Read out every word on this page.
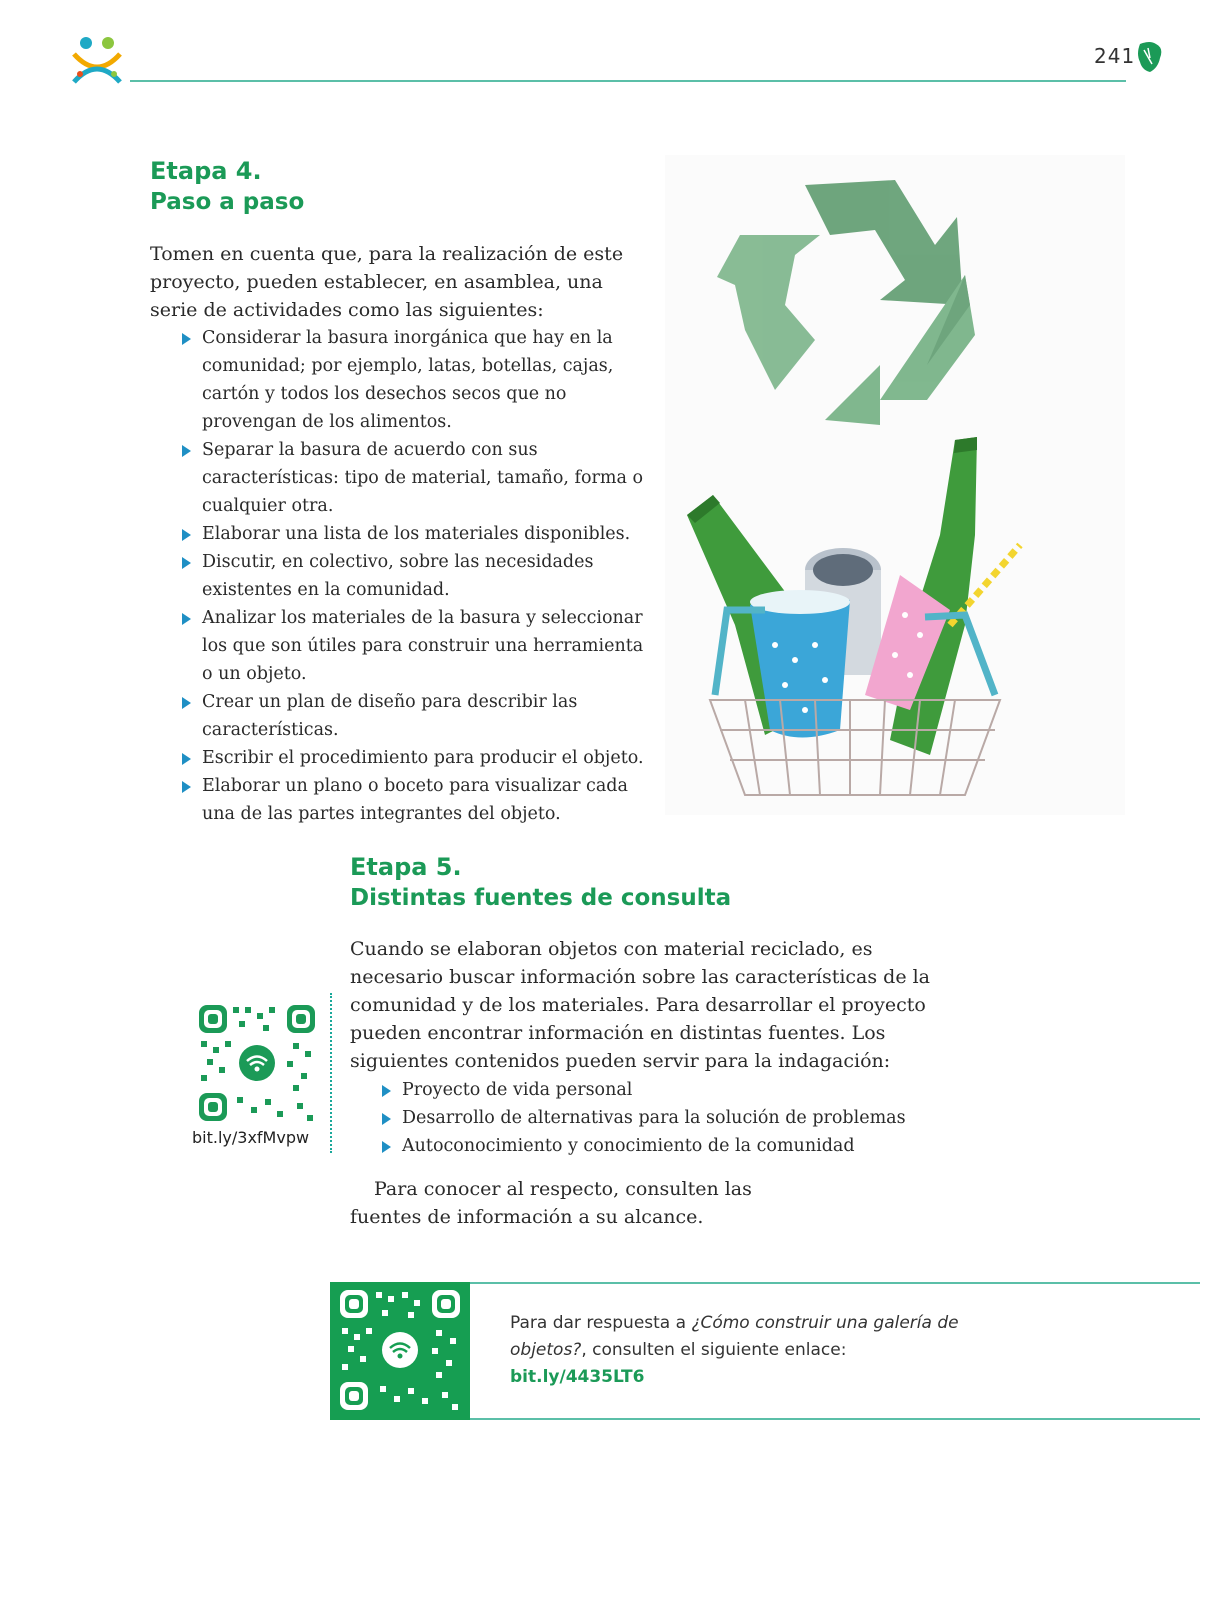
241
Etapa 4.
Paso a paso

Tomen en cuenta que, para la realización de este proyecto, pueden establecer, en asamblea, una serie de actividades como las siguientes:

Considerar la basura inorgánica que hay en la comunidad; por ejemplo, latas, botellas, cajas, cartón y todos los desechos secos que no provengan de los alimentos.
Separar la basura de acuerdo con sus características: tipo de material, tamaño, forma o cualquier otra.
Elaborar una lista de los materiales disponibles.
Discutir, en colectivo, sobre las necesidades existentes en la comunidad.
Analizar los materiales de la basura y seleccionar los que son útiles para construir una herramienta o un objeto.
Crear un plan de diseño para describir las características.
Escribir el procedimiento para producir el objeto.
Elaborar un plano o boceto para visualizar cada una de las partes integrantes del objeto.
Etapa 5.
Distintas fuentes de consulta

Cuando se elaboran objetos con material reciclado, es necesario buscar información sobre las características de la comunidad y de los materiales. Para desarrollar el proyecto pueden encontrar información en distintas fuentes. Los siguientes contenidos pueden servir para la indagación:

Proyecto de vida personal
Desarrollo de alternativas para la solución de problemas
Autoconocimiento y conocimiento de la comunidad

Para conocer al respecto, consulten las fuentes de información a su alcance.

bit.ly/3xfMvpw
Para dar respuesta a ¿Cómo construir una galería de objetos?, consulten el siguiente enlace:
bit.ly/4435LT6
